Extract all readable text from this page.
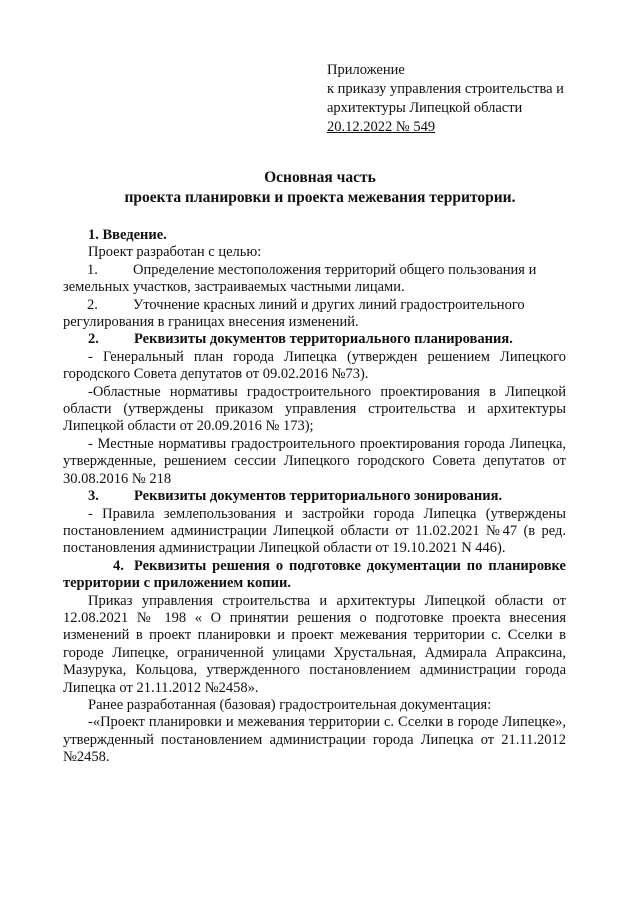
Приложение
к приказу управления строительства и
архитектуры Липецкой области
20.12.2022 № 549
Основная часть
проекта планировки и проекта межевания территории.

1. Введение.

Проект разработан с целью:

1. Определение местоположения территорий общего пользования и

земельных участков, застраиваемых частными лицами.

2. Уточнение красных линий и других линий градостроительного

регулирования в границах внесения изменений.

2. Реквизиты документов территориального планирования.

- Генеральный план города Липецка (утвержден решением Липецкого городского Совета депутатов от 09.02.2016 №73).

-Областные нормативы градостроительного проектирования в Липецкой области (утверждены приказом управления строительства и архитектуры Липецкой области от 20.09.2016 № 173);

- Местные нормативы градостроительного проектирования города Липецка, утвержденные, решением сессии Липецкого городского Совета депутатов от 30.08.2016 № 218

3. Реквизиты документов территориального зонирования.

- Правила землепользования и застройки города Липецка (утверждены постановлением администрации Липецкой области от 11.02.2021 №47 (в ред. постановления администрации Липецкой области от 19.10.2021 N 446).

4. Реквизиты решения о подготовке документации по планировке территории с приложением копии.

Приказ управления строительства и архитектуры Липецкой области от 12.08.2021 № 198 « О принятии решения о подготовке проекта внесения изменений в проект планировки и проект межевания территории с. Сселки в городе Липецке, ограниченной улицами Хрустальная, Адмирала Апраксина, Мазурука, Кольцова, утвержденного постановлением администрации города Липецка от 21.11.2012 №2458».

Ранее разработанная (базовая) градостроительная документация:

-«Проект планировки и межевания территории с. Сселки в городе Липецке», утвержденный постановлением администрации города Липецка от 21.11.2012 №2458.
